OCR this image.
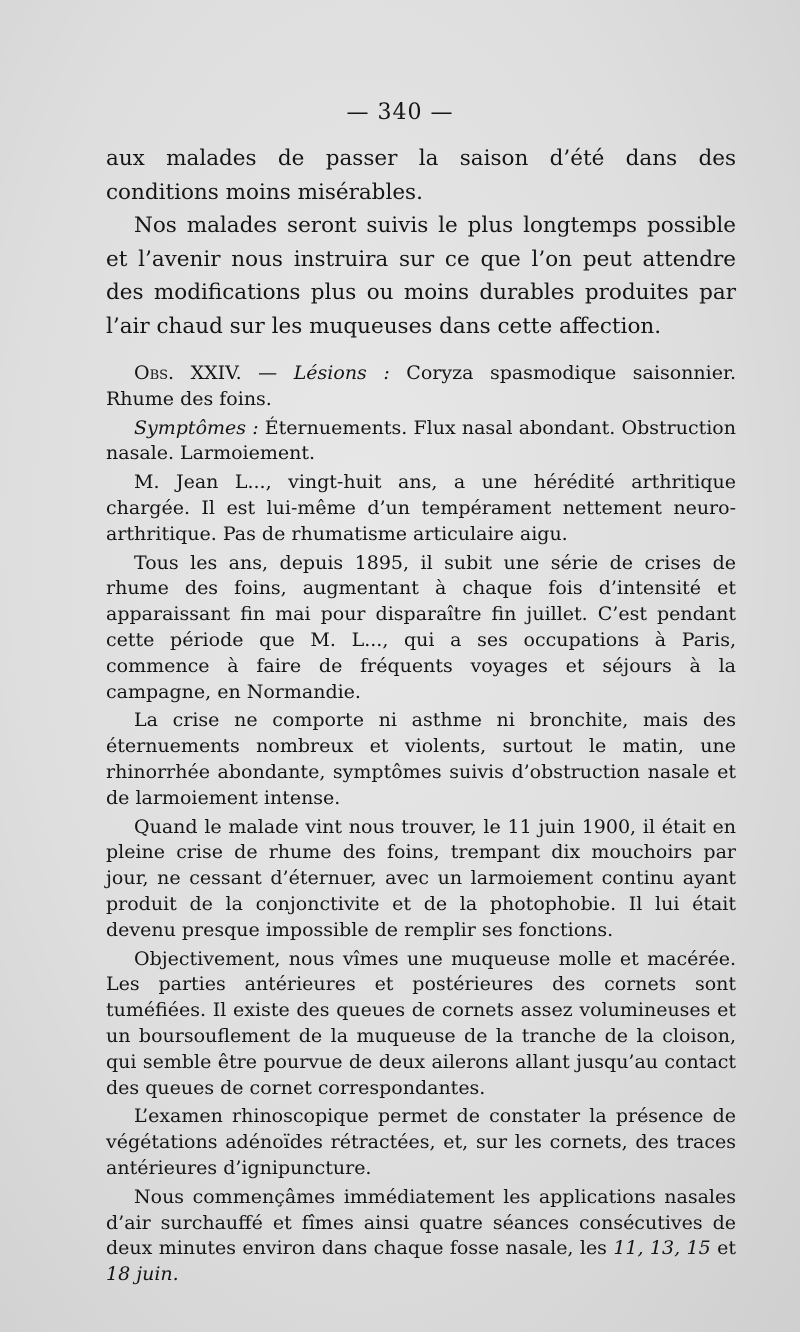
— 340 —

aux malades de passer la saison d’été dans des conditions moins misérables.

Nos malades seront suivis le plus longtemps possible et l’avenir nous instruira sur ce que l’on peut attendre des modifications plus ou moins durables produites par l’air chaud sur les muqueuses dans cette affection.

Obs. XXIV. — Lésions : Coryza spasmodique saisonnier. Rhume des foins.

Symptômes : Éternuements. Flux nasal abondant. Obstruction nasale. Larmoiement.

M. Jean L..., vingt-huit ans, a une hérédité arthritique chargée. Il est lui-même d’un tempérament nettement neuro-arthritique. Pas de rhumatisme articulaire aigu.

Tous les ans, depuis 1895, il subit une série de crises de rhume des foins, augmentant à chaque fois d’intensité et apparaissant fin mai pour disparaître fin juillet. C’est pendant cette période que M. L..., qui a ses occupations à Paris, commence à faire de fréquents voyages et séjours à la campagne, en Normandie.

La crise ne comporte ni asthme ni bronchite, mais des éternuements nombreux et violents, surtout le matin, une rhinorrhée abondante, symptômes suivis d’obstruction nasale et de larmoiement intense.

Quand le malade vint nous trouver, le 11 juin 1900, il était en pleine crise de rhume des foins, trempant dix mouchoirs par jour, ne cessant d’éternuer, avec un larmoiement continu ayant produit de la conjonctivite et de la photophobie. Il lui était devenu presque impossible de remplir ses fonctions.

Objectivement, nous vîmes une muqueuse molle et macérée. Les parties antérieures et postérieures des cornets sont tuméfiées. Il existe des queues de cornets assez volumineuses et un boursouflement de la muqueuse de la tranche de la cloison, qui semble être pourvue de deux ailerons allant jusqu’au contact des queues de cornet correspondantes.

L’examen rhinoscopique permet de constater la présence de végétations adénoïdes rétractées, et, sur les cornets, des traces antérieures d’ignipuncture.

Nous commençâmes immédiatement les applications nasales d’air surchauffé et fîmes ainsi quatre séances consécutives de deux minutes environ dans chaque fosse nasale, les 11, 13, 15 et 18 juin.
